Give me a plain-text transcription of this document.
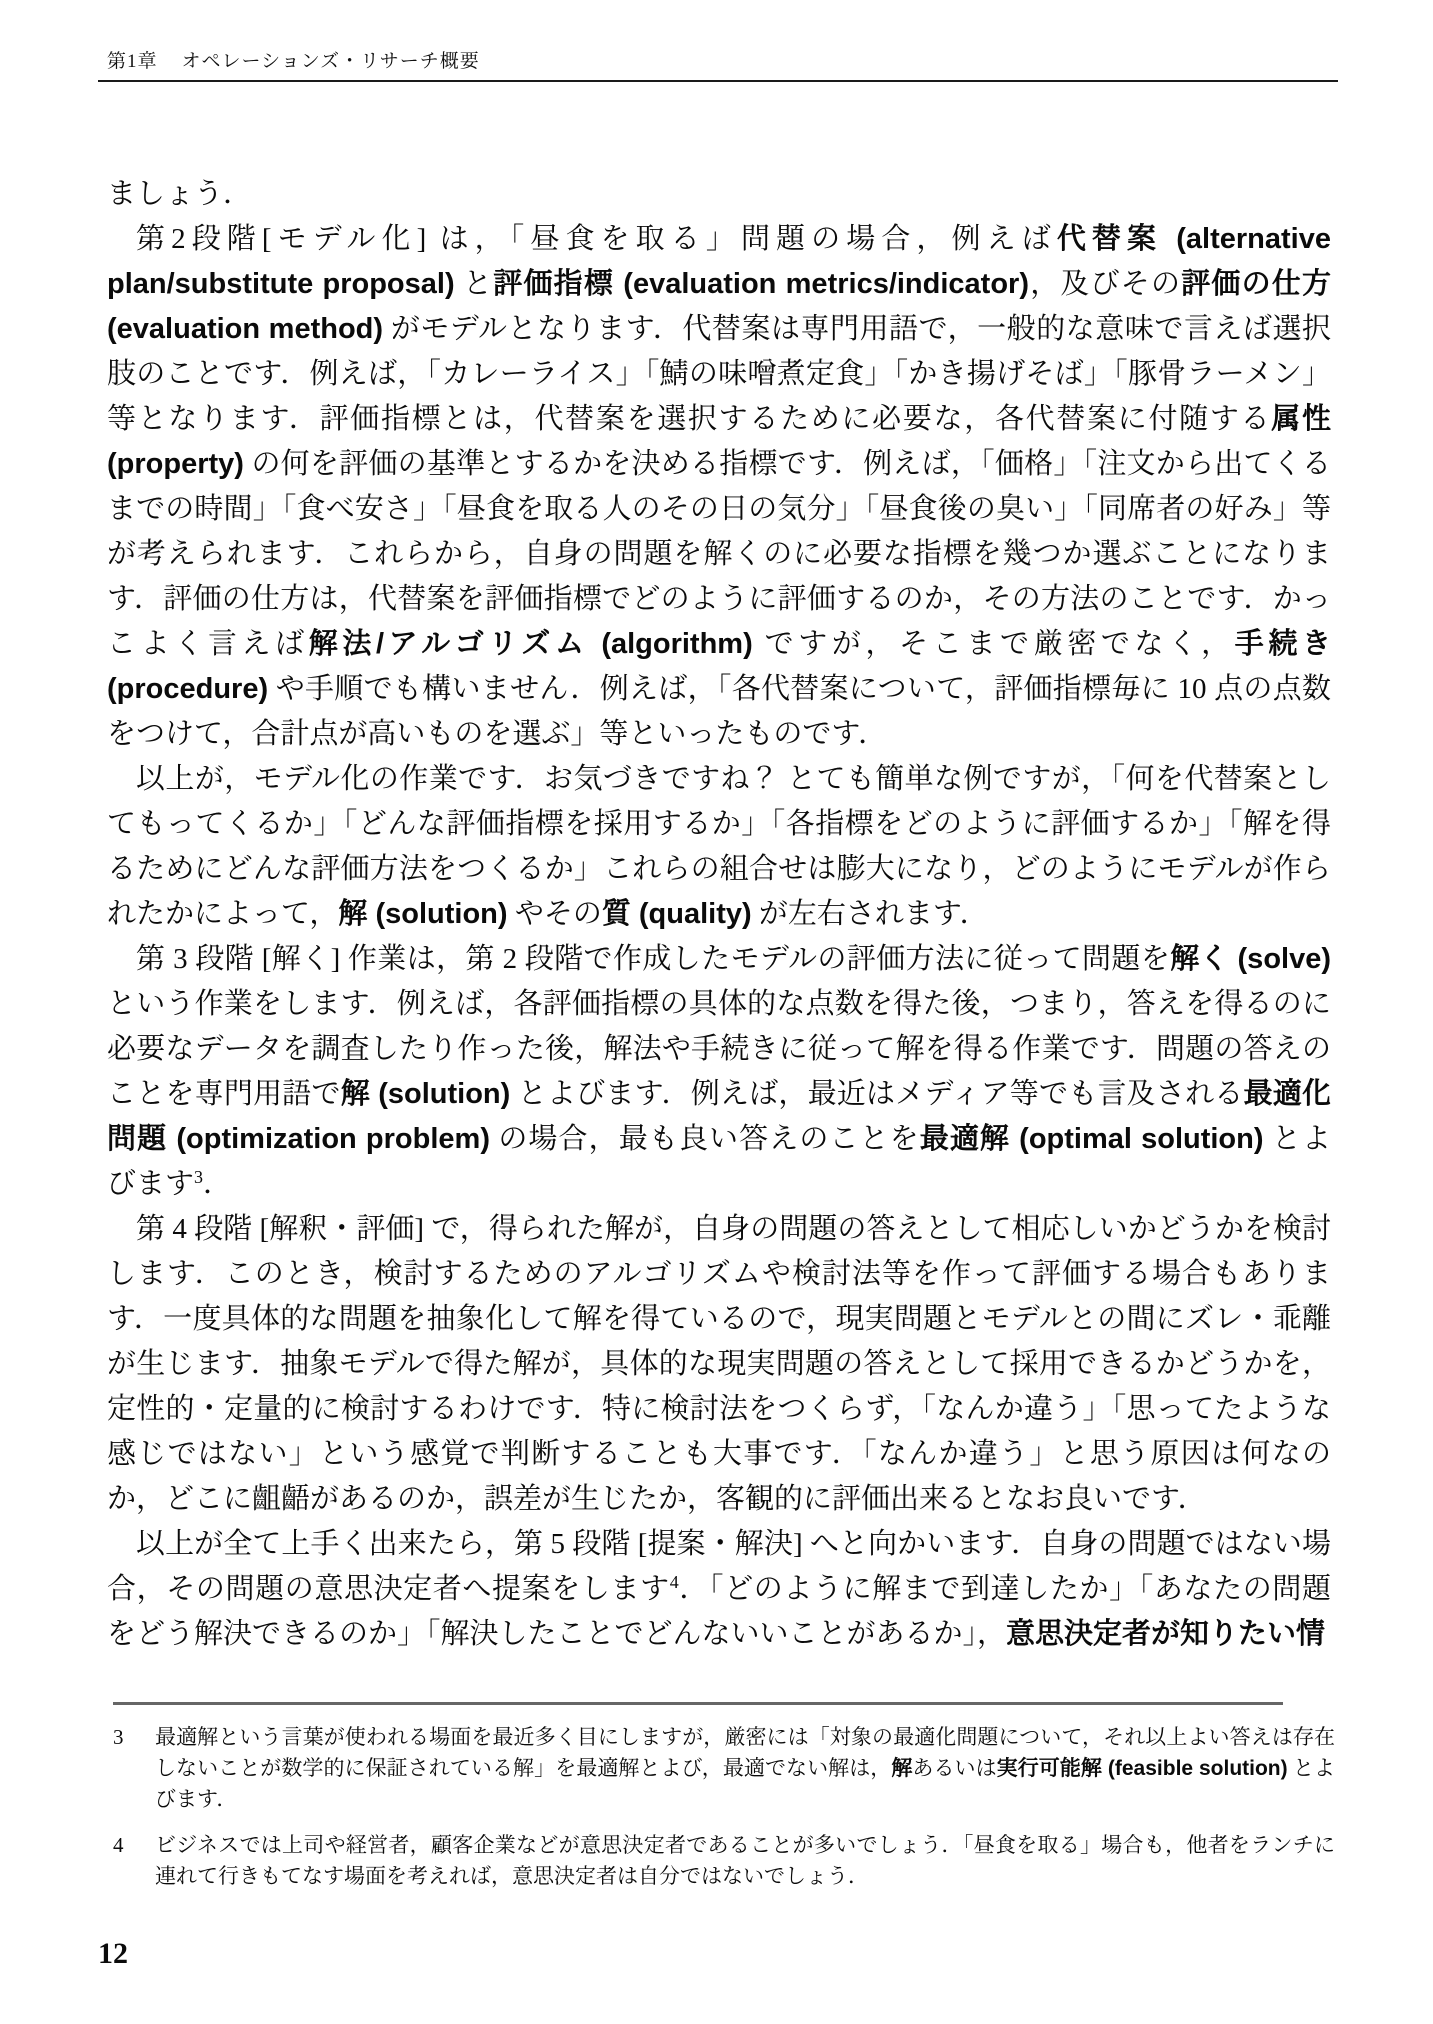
第1章 オペレーションズ・リサーチ概要

ましょう．

第2段階[モデル化] は，「昼食を取る」問題の場合，例えば代替案 (alternative plan/substitute proposal) と評価指標 (evaluation metrics/indicator)，及びその評価の仕方 (evaluation method) がモデルとなります．代替案は専門用語で，一般的な意味で言えば選択肢のことです．例えば，「カレーライス」「鯖の味噌煮定食」「かき揚げそば」「豚骨ラーメン」等となります．評価指標とは，代替案を選択するために必要な，各代替案に付随する属性 (property) の何を評価の基準とするかを決める指標です．例えば，「価格」「注文から出てくるまでの時間」「食べ安さ」「昼食を取る人のその日の気分」「昼食後の臭い」「同席者の好み」等が考えられます．これらから，自身の問題を解くのに必要な指標を幾つか選ぶことになります．評価の仕方は，代替案を評価指標でどのように評価するのか，その方法のことです．かっこよく言えば解法/アルゴリズム (algorithm) ですが，そこまで厳密でなく，手続き (procedure) や手順でも構いません．例えば，「各代替案について，評価指標毎に 10 点の点数をつけて，合計点が高いものを選ぶ」等といったものです．

以上が，モデル化の作業です．お気づきですね？ とても簡単な例ですが，「何を代替案としてもってくるか」「どんな評価指標を採用するか」「各指標をどのように評価するか」「解を得るためにどんな評価方法をつくるか」これらの組合せは膨大になり，どのようにモデルが作られたかによって，解 (solution) やその質 (quality) が左右されます．

第 3 段階 [解く] 作業は，第 2 段階で作成したモデルの評価方法に従って問題を解く (solve) という作業をします．例えば，各評価指標の具体的な点数を得た後，つまり，答えを得るのに必要なデータを調査したり作った後，解法や手続きに従って解を得る作業です．問題の答えのことを専門用語で解 (solution) とよびます．例えば，最近はメディア等でも言及される最適化問題 (optimization problem) の場合，最も良い答えのことを最適解 (optimal solution) とよびます$^3$．

第 4 段階 [解釈・評価] で，得られた解が，自身の問題の答えとして相応しいかどうかを検討します．このとき，検討するためのアルゴリズムや検討法等を作って評価する場合もあります．一度具体的な問題を抽象化して解を得ているので，現実問題とモデルとの間にズレ・乖離が生じます．抽象モデルで得た解が，具体的な現実問題の答えとして採用できるかどうかを，定性的・定量的に検討するわけです．特に検討法をつくらず，「なんか違う」「思ってたような感じではない」という感覚で判断することも大事です．「なんか違う」と思う原因は何なのか，どこに齟齬があるのか，誤差が生じたか，客観的に評価出来るとなお良いです．

以上が全て上手く出来たら，第 5 段階 [提案・解決] へと向かいます．自身の問題ではない場合，その問題の意思決定者へ提案をします$^4$．「どのように解まで到達したか」「あなたの問題をどう解決できるのか」「解決したことでどんないいことがあるか」，意思決定者が知りたい情

3	最適解という言葉が使われる場面を最近多く目にしますが，厳密には「対象の最適化問題について，それ以上よい答えは存在しないことが数学的に保証されている解」を最適解とよび，最適でない解は，解あるいは実行可能解 (feasible solution) とよびます．
4	ビジネスでは上司や経営者，顧客企業などが意思決定者であることが多いでしょう．「昼食を取る」場合も，他者をランチに連れて行きもてなす場面を考えれば，意思決定者は自分ではないでしょう．
12
